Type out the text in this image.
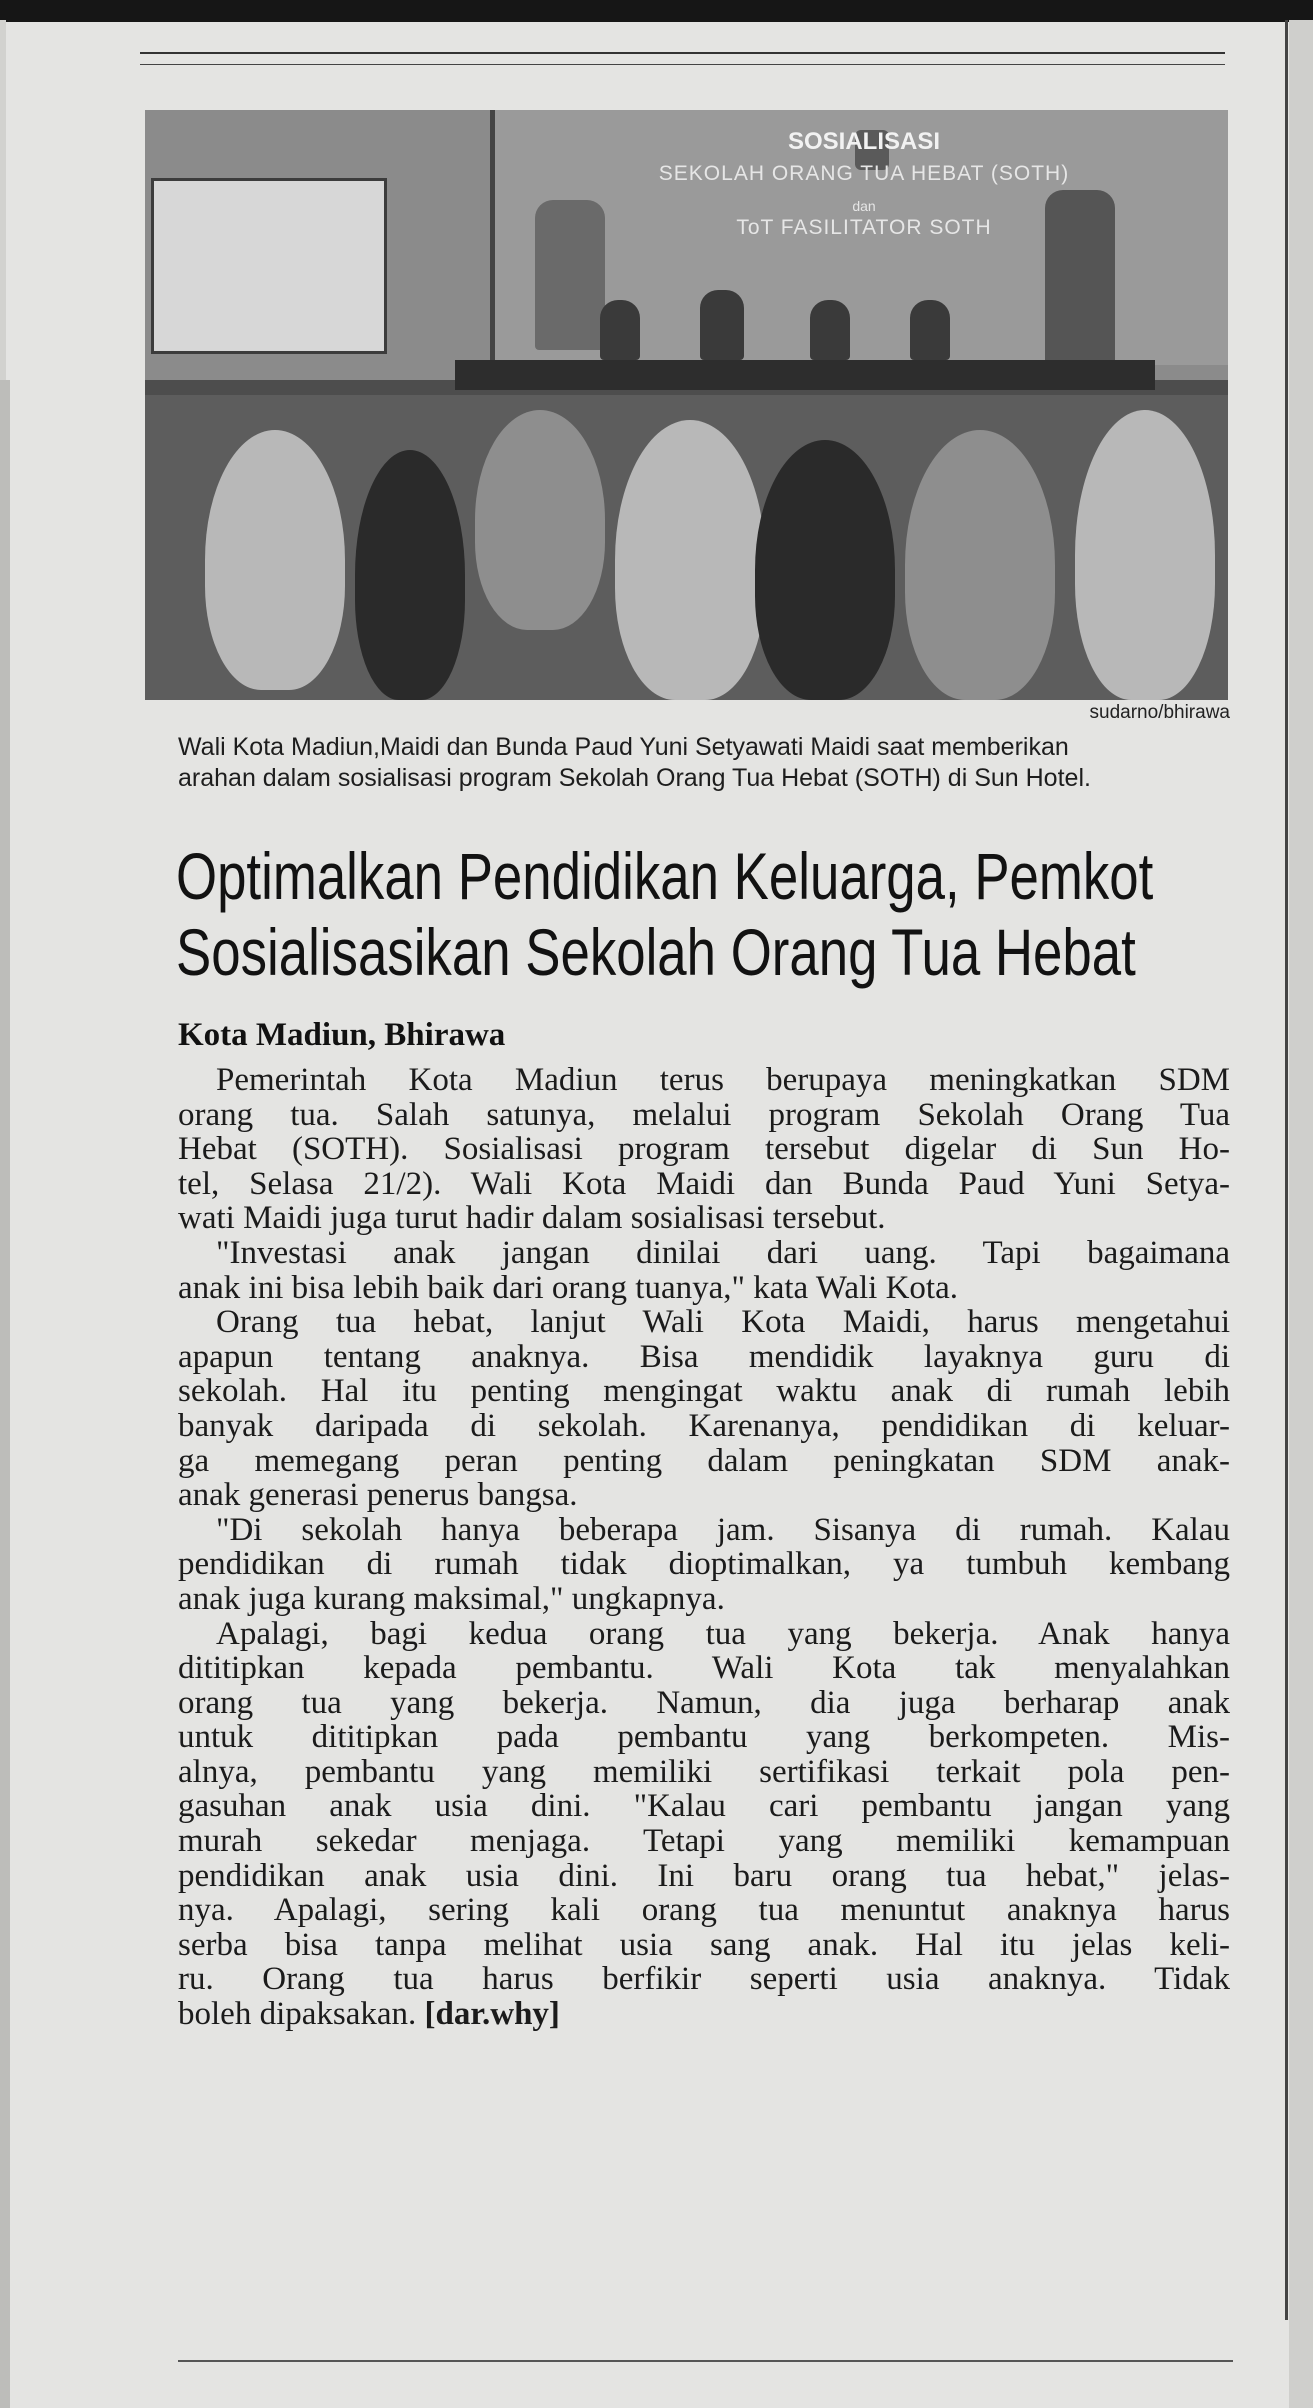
SOSIALISASI
SEKOLAH ORANG TUA HEBAT (SOTH)
dan
ToT FASILITATOR SOTH
sudarno/bhirawa
Wali Kota Madiun,Maidi dan Bunda Paud Yuni Setyawati Maidi saat memberikan
arahan dalam sosialisasi program Sekolah Orang Tua Hebat (SOTH) di Sun Hotel.
Optimalkan Pendidikan Keluarga, Pemkot
Sosialisasikan Sekolah Orang Tua Hebat
Kota Madiun, Bhirawa
Pemerintah Kota Madiun terus berupaya meningkatkan SDM
orang tua. Salah satunya, melalui program Sekolah Orang Tua
Hebat (SOTH). Sosialisasi program tersebut digelar di Sun Ho-
tel, Selasa 21/2). Wali Kota Maidi dan Bunda Paud Yuni Setya-
wati Maidi juga turut hadir dalam sosialisasi tersebut.
"Investasi anak jangan dinilai dari uang. Tapi bagaimana
anak ini bisa lebih baik dari orang tuanya," kata Wali Kota.
Orang tua hebat, lanjut Wali Kota Maidi, harus mengetahui
apapun tentang anaknya. Bisa mendidik layaknya guru di
sekolah. Hal itu penting mengingat waktu anak di rumah lebih
banyak daripada di sekolah. Karenanya, pendidikan di keluar-
ga memegang peran penting dalam peningkatan SDM anak-
anak generasi penerus bangsa.
"Di sekolah hanya beberapa jam. Sisanya di rumah. Kalau
pendidikan di rumah tidak dioptimalkan, ya tumbuh kembang
anak juga kurang maksimal," ungkapnya.
Apalagi, bagi kedua orang tua yang bekerja. Anak hanya
dititipkan kepada pembantu. Wali Kota tak menyalahkan
orang tua yang bekerja. Namun, dia juga berharap anak
untuk dititipkan pada pembantu yang berkompeten. Mis-
alnya, pembantu yang memiliki sertifikasi terkait pola pen-
gasuhan anak usia dini. "Kalau cari pembantu jangan yang
murah sekedar menjaga. Tetapi yang memiliki kemampuan
pendidikan anak usia dini. Ini baru orang tua hebat," jelas-
nya. Apalagi, sering kali orang tua menuntut anaknya harus
serba bisa tanpa melihat usia sang anak. Hal itu jelas keli-
ru. Orang tua harus berfikir seperti usia anaknya. Tidak
boleh dipaksakan. [dar.why]
